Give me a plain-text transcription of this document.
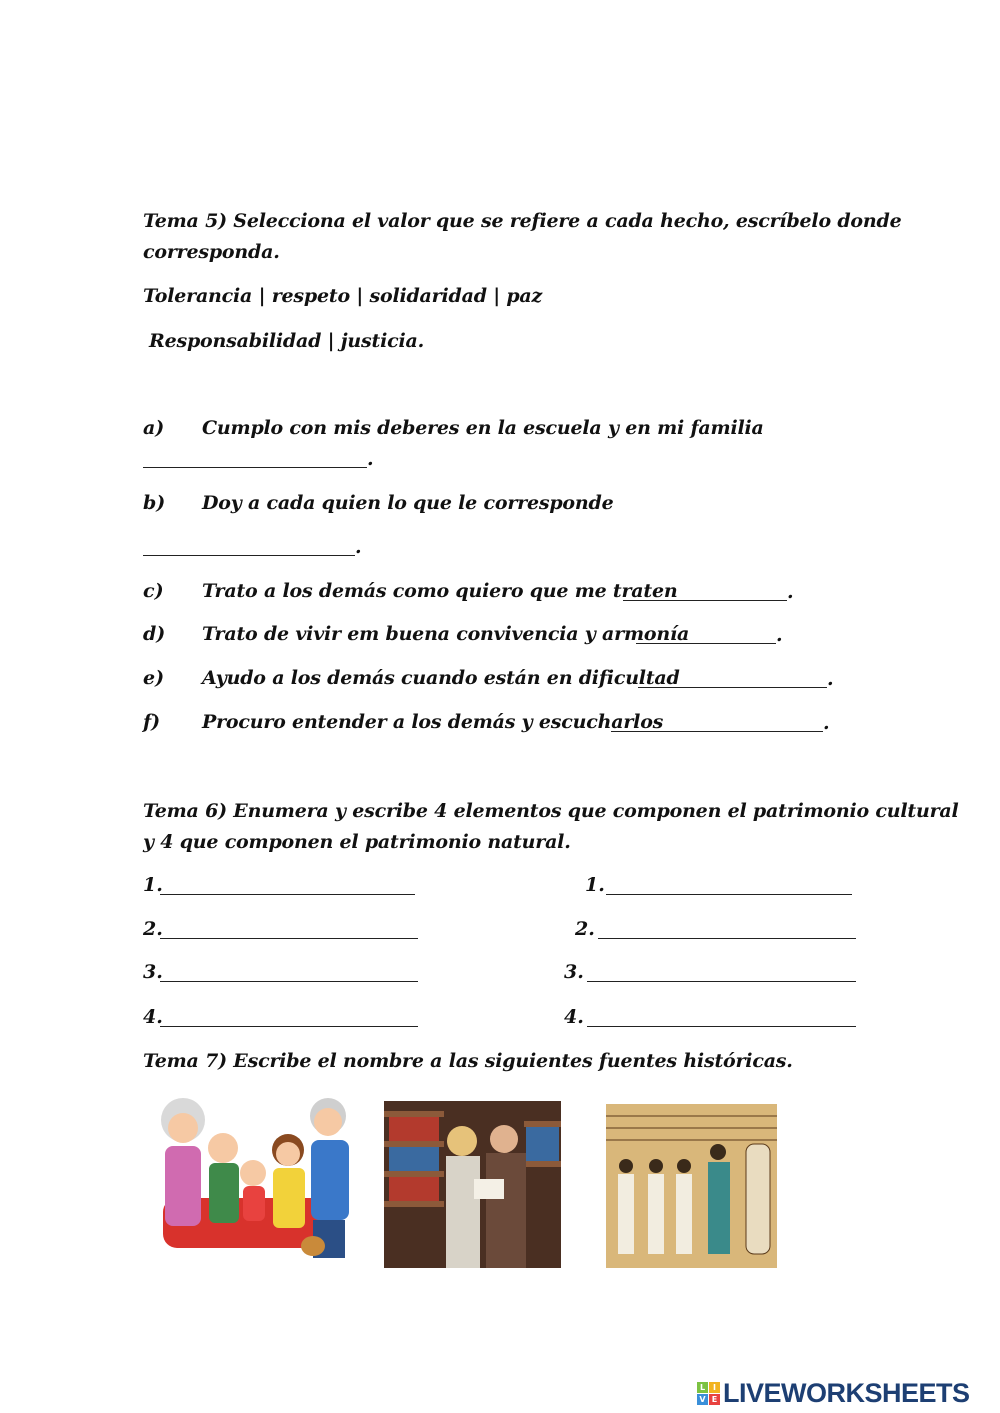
Tema 5) Selecciona el valor que se refiere a cada hecho, escríbelo donde
corresponda.
Tolerancia | respeto | solidaridad | paz
Responsabilidad | justicia.
a) Cumplo con mis deberes en la escuela y en mi familia
.
b) Doy a cada quien lo que le corresponde
.
c) Trato a los demás como quiero que me traten	.
d) Trato de vivir em buena convivencia y armonía	.
e) Ayudo a los demás cuando están en dificultad	.
f) Procuro entender a los demás y escucharlos	.
Tema 6) Enumera y escribe 4 elementos que componen el patrimonio cultural
y 4 que componen el patrimonio natural.
1.	1.
2.	2.
3.	3.
4.	4.
Tema 7) Escribe el nombre a las siguientes fuentes históricas.
L I
V E LIVEWORKSHEETS
